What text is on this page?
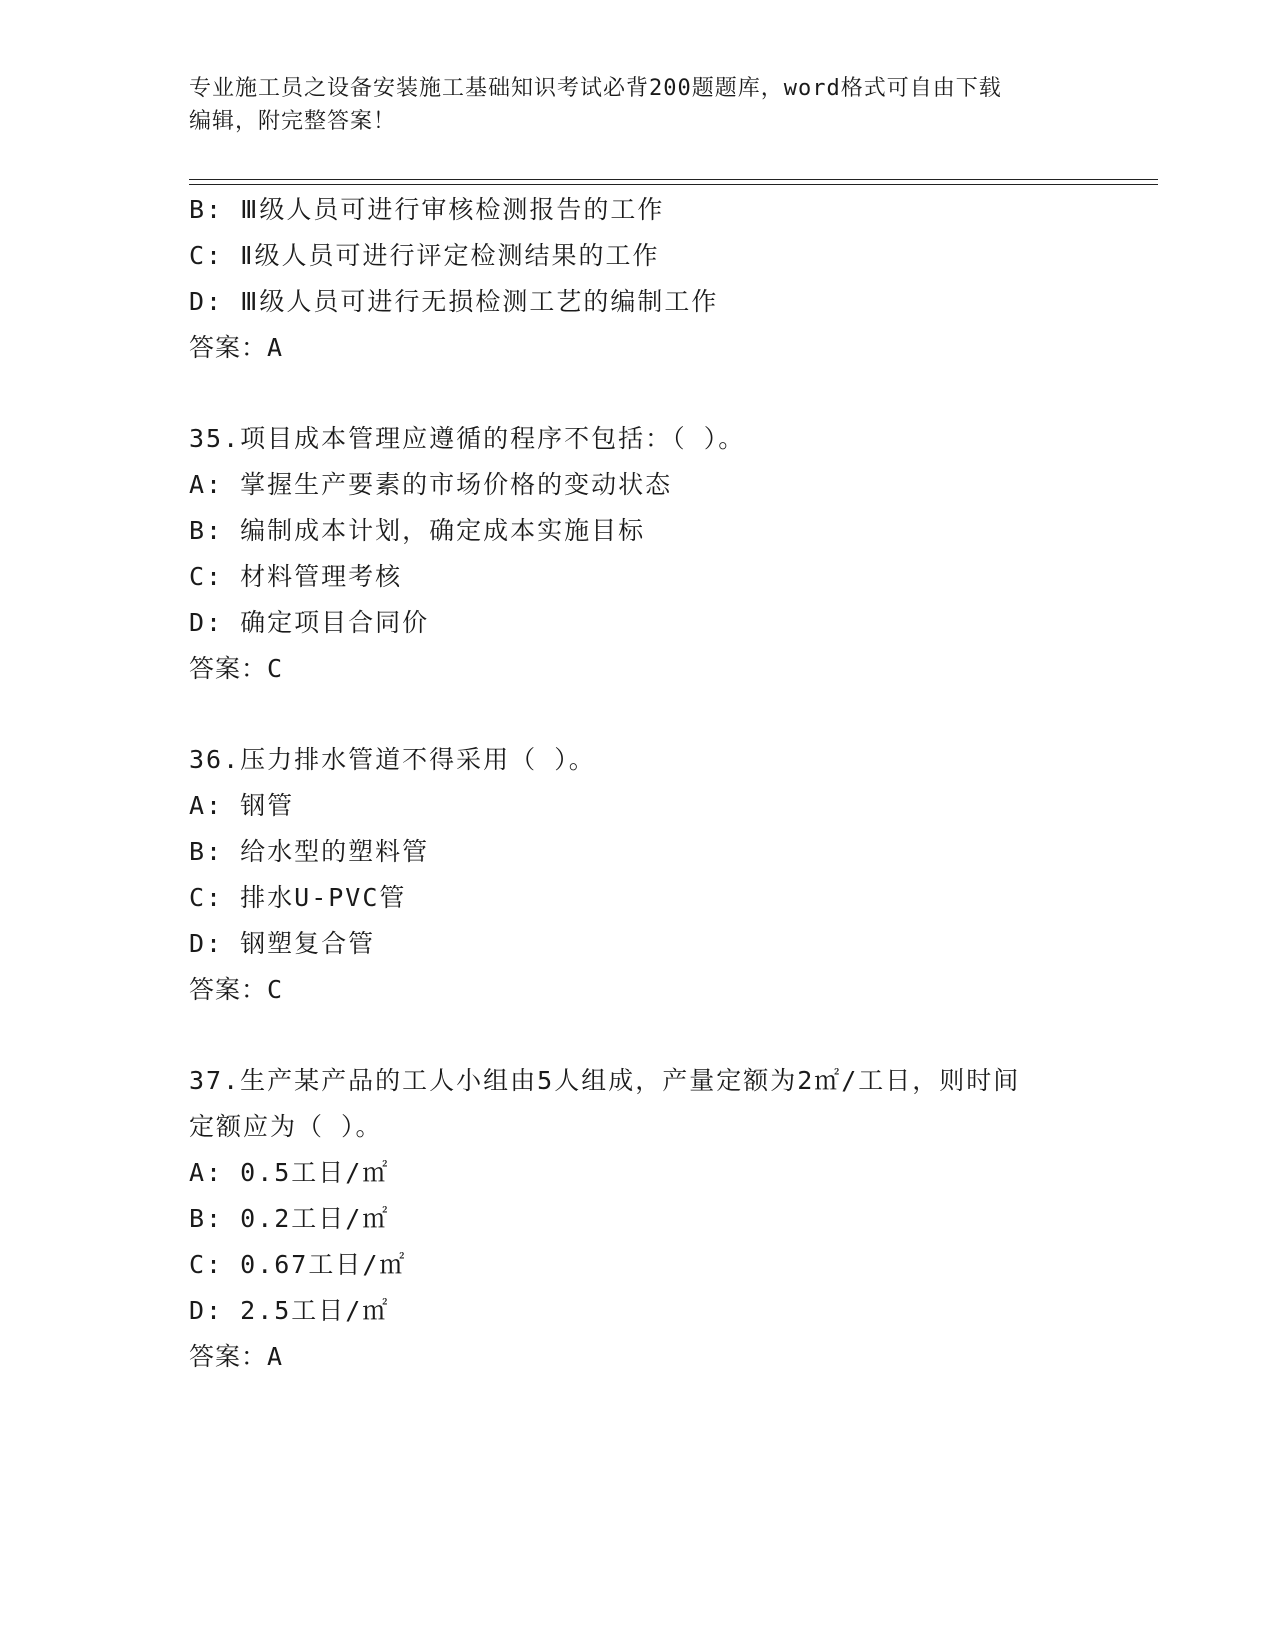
专业施工员之设备安装施工基础知识考试必背200题题库，word格式可自由下载
编辑，附完整答案！
B: Ⅲ级人员可进行审核检测报告的工作
C: Ⅱ级人员可进行评定检测结果的工作
D: Ⅲ级人员可进行无损检测工艺的编制工作
答案：A
35.项目成本管理应遵循的程序不包括：（ ）。
A: 掌握生产要素的市场价格的变动状态
B: 编制成本计划，确定成本实施目标
C: 材料管理考核
D: 确定项目合同价
答案：C
36.压力排水管道不得采用（ ）。
A: 钢管
B: 给水型的塑料管
C: 排水U-PVC管
D: 钢塑复合管
答案：C
37.生产某产品的工人小组由5人组成，产量定额为2㎡/工日，则时间
定额应为（ ）。
A: 0.5工日/㎡
B: 0.2工日/㎡
C: 0.67工日/㎡
D: 2.5工日/㎡
答案：A
